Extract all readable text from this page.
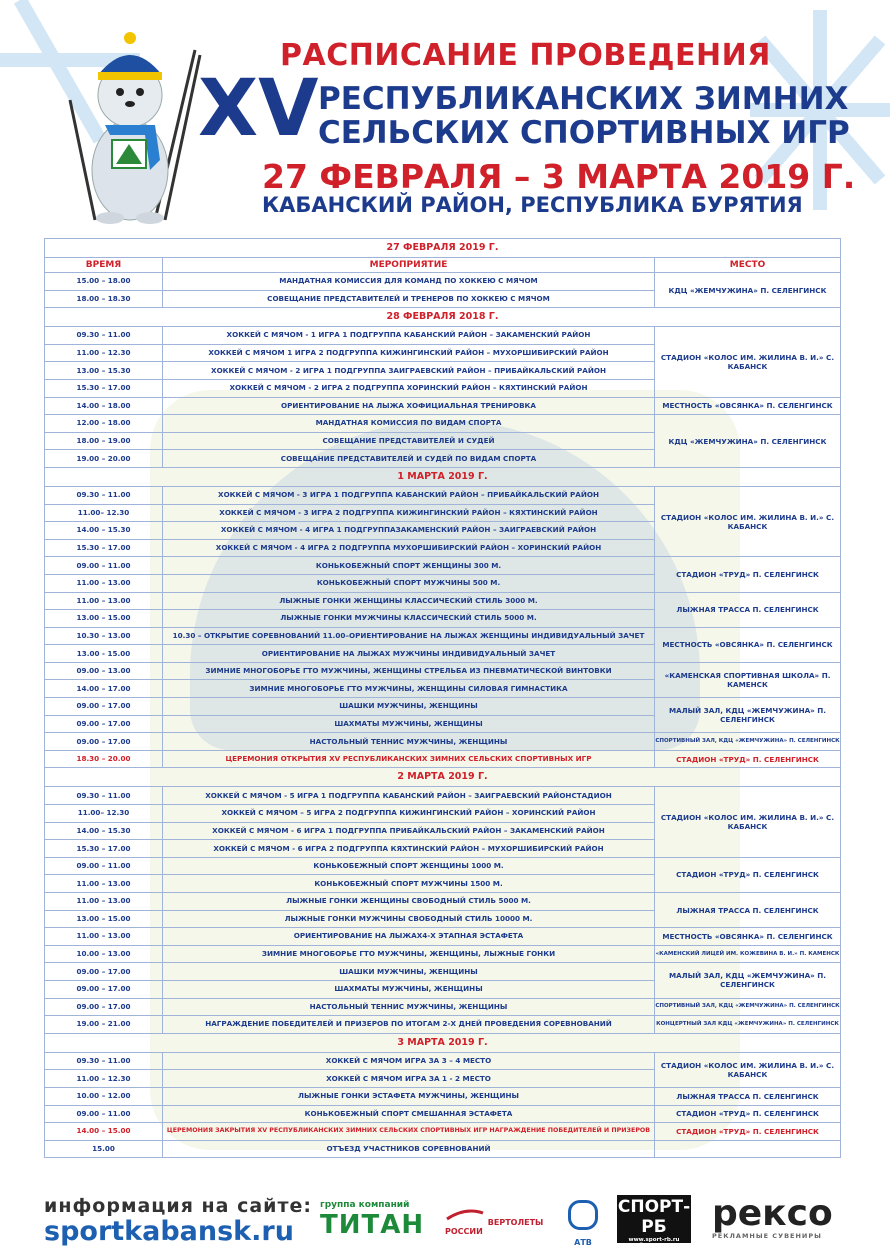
РАСПИСАНИЕ ПРОВЕДЕНИЯ
XV РЕСПУБЛИКАНСКИХ ЗИМНИХ
СЕЛЬСКИХ СПОРТИВНЫХ ИГР
27 ФЕВРАЛЯ – 3 МАРТА 2019 Г.
КАБАНСКИЙ РАЙОН, РЕСПУБЛИКА БУРЯТИЯ
27 ФЕВРАЛЯ 2019 Г.		
ВРЕМЯ	МЕРОПРИЯТИЕ	МЕСТО
15.00 – 18.00	МАНДАТНАЯ КОМИССИЯ ДЛЯ КОМАНД ПО ХОККЕЮ С МЯЧОМ	КДЦ «ЖЕМЧУЖИНА» П. СЕЛЕНГИНСК
18.00 – 18.30	СОВЕЩАНИЕ ПРЕДСТАВИТЕЛЕЙ И ТРЕНЕРОВ ПО ХОККЕЮ С МЯЧОМ	
28 ФЕВРАЛЯ 2018 Г.		
09.30 – 11.00	ХОККЕЙ С МЯЧОМ - 1 ИГРА 1 ПОДГРУППА КАБАНСКИЙ РАЙОН – ЗАКАМЕНСКИЙ РАЙОН	СТАДИОН «КОЛОС ИМ. ЖИЛИНА В. И.» С. КАБАНСК
11.00 – 12.30	ХОККЕЙ С МЯЧОМ 1 ИГРА 2 ПОДГРУППА КИЖИНГИНСКИЙ РАЙОН – МУХОРШИБИРСКИЙ РАЙОН	
13.00 – 15.30	ХОККЕЙ С МЯЧОМ - 2 ИГРА 1 ПОДГРУППА ЗАИГРАЕВСКИЙ РАЙОН – ПРИБАЙКАЛЬСКИЙ РАЙОН	
15.30 – 17.00	ХОККЕЙ С МЯЧОМ - 2 ИГРА 2 ПОДГРУППА ХОРИНСКИЙ РАЙОН – КЯХТИНСКИЙ РАЙОН	
14.00 – 18.00	ОРИЕНТИРОВАНИЕ НА ЛЫЖА ХОФИЦИАЛЬНАЯ ТРЕНИРОВКА	МЕСТНОСТЬ «ОВСЯНКА» П. СЕЛЕНГИНСК
12.00 – 18.00	МАНДАТНАЯ КОМИССИЯ ПО ВИДАМ СПОРТА	КДЦ «ЖЕМЧУЖИНА» П. СЕЛЕНГИНСК
18.00 – 19.00	СОВЕЩАНИЕ ПРЕДСТАВИТЕЛЕЙ И СУДЕЙ	
19.00 – 20.00	СОВЕЩАНИЕ ПРЕДСТАВИТЕЛЕЙ И СУДЕЙ ПО ВИДАМ СПОРТА	
1 МАРТА 2019 Г.		
09.30 – 11.00	ХОККЕЙ С МЯЧОМ - 3 ИГРА 1 ПОДГРУППА КАБАНСКИЙ РАЙОН – ПРИБАЙКАЛЬСКИЙ РАЙОН	СТАДИОН «КОЛОС ИМ. ЖИЛИНА В. И.» С. КАБАНСК
11.00– 12.30	ХОККЕЙ С МЯЧОМ - 3 ИГРА 2 ПОДГРУППА КИЖИНГИНСКИЙ РАЙОН – КЯХТИНСКИЙ РАЙОН	
14.00 – 15.30	ХОККЕЙ С МЯЧОМ - 4 ИГРА 1 ПОДГРУППАЗАКАМЕНСКИЙ РАЙОН – ЗАИГРАЕВСКИЙ РАЙОН	
15.30 – 17.00	ХОККЕЙ С МЯЧОМ - 4 ИГРА 2 ПОДГРУППА МУХОРШИБИРСКИЙ РАЙОН – ХОРИНСКИЙ РАЙОН	
09.00 – 11.00	КОНЬКОБЕЖНЫЙ СПОРТ ЖЕНЩИНЫ 300 М.	СТАДИОН «ТРУД» П. СЕЛЕНГИНСК
11.00 – 13.00	КОНЬКОБЕЖНЫЙ СПОРТ МУЖЧИНЫ 500 М.	
11.00 – 13.00	ЛЫЖНЫЕ ГОНКИ ЖЕНЩИНЫ КЛАССИЧЕСКИЙ СТИЛЬ 3000 М.	ЛЫЖНАЯ ТРАССА П. СЕЛЕНГИНСК
13.00 – 15.00	ЛЫЖНЫЕ ГОНКИ МУЖЧИНЫ КЛАССИЧЕСКИЙ СТИЛЬ 5000 М.	
10.30 – 13.00	10.30 – ОТКРЫТИЕ СОРЕВНОВАНИЙ 11.00–ОРИЕНТИРОВАНИЕ НА ЛЫЖАХ ЖЕНЩИНЫ ИНДИВИДУАЛЬНЫЙ ЗАЧЕТ	МЕСТНОСТЬ «ОВСЯНКА» П. СЕЛЕНГИНСК
13.00 - 15.00	ОРИЕНТИРОВАНИЕ НА ЛЫЖАХ МУЖЧИНЫ ИНДИВИДУАЛЬНЫЙ ЗАЧЕТ	
09.00 – 13.00	ЗИМНИЕ МНОГОБОРЬЕ ГТО МУЖЧИНЫ, ЖЕНЩИНЫ СТРЕЛЬБА ИЗ ПНЕВМАТИЧЕСКОЙ ВИНТОВКИ	«КАМЕНСКАЯ СПОРТИВНАЯ ШКОЛА» П. КАМЕНСК
14.00 – 17.00	ЗИМНИЕ МНОГОБОРЬЕ ГТО МУЖЧИНЫ, ЖЕНЩИНЫ СИЛОВАЯ ГИМНАСТИКА	
09.00 – 17.00	ШАШКИ МУЖЧИНЫ, ЖЕНЩИНЫ	МАЛЫЙ ЗАЛ, КДЦ «ЖЕМЧУЖИНА» П. СЕЛЕНГИНСК
09.00 – 17.00	ШАХМАТЫ МУЖЧИНЫ, ЖЕНЩИНЫ	
09.00 – 17.00	НАСТОЛЬНЫЙ ТЕННИС МУЖЧИНЫ, ЖЕНЩИНЫ	СПОРТИВНЫЙ ЗАЛ, КДЦ «ЖЕМЧУЖИНА» П. СЕЛЕНГИНСК
18.30 – 20.00	ЦЕРЕМОНИЯ ОТКРЫТИЯ XV РЕСПУБЛИКАНСКИХ ЗИМНИХ СЕЛЬСКИХ СПОРТИВНЫХ ИГР	СТАДИОН «ТРУД» П. СЕЛЕНГИНСК
2 МАРТА 2019 Г.		
09.30 – 11.00	ХОККЕЙ С МЯЧОМ - 5 ИГРА 1 ПОДГРУППА КАБАНСКИЙ РАЙОН – ЗАИГРАЕВСКИЙ РАЙОНСТАДИОН	СТАДИОН «КОЛОС ИМ. ЖИЛИНА В. И.» С. КАБАНСК
11.00– 12.30	ХОККЕЙ С МЯЧОМ – 5 ИГРА 2 ПОДГРУППА КИЖИНГИНСКИЙ РАЙОН – ХОРИНСКИЙ РАЙОН	
14.00 – 15.30	ХОККЕЙ С МЯЧОМ - 6 ИГРА 1 ПОДГРУППА ПРИБАЙКАЛЬСКИЙ РАЙОН – ЗАКАМЕНСКИЙ РАЙОН	
15.30 – 17.00	ХОККЕЙ С МЯЧОМ - 6 ИГРА 2 ПОДГРУППА КЯХТИНСКИЙ РАЙОН – МУХОРШИБИРСКИЙ РАЙОН	
09.00 – 11.00	КОНЬКОБЕЖНЫЙ СПОРТ ЖЕНЩИНЫ 1000 М.	СТАДИОН «ТРУД» П. СЕЛЕНГИНСК
11.00 – 13.00	КОНЬКОБЕЖНЫЙ СПОРТ МУЖЧИНЫ 1500 М.	
11.00 – 13.00	ЛЫЖНЫЕ ГОНКИ ЖЕНЩИНЫ СВОБОДНЫЙ СТИЛЬ 5000 М.	ЛЫЖНАЯ ТРАССА П. СЕЛЕНГИНСК
13.00 – 15.00	ЛЫЖНЫЕ ГОНКИ МУЖЧИНЫ СВОБОДНЫЙ СТИЛЬ 10000 М.	
11.00 – 13.00	ОРИЕНТИРОВАНИЕ НА ЛЫЖАХ4-Х ЭТАПНАЯ ЭСТАФЕТА	МЕСТНОСТЬ «ОВСЯНКА» П. СЕЛЕНГИНСК
10.00 – 13.00	ЗИМНИЕ МНОГОБОРЬЕ ГТО МУЖЧИНЫ, ЖЕНЩИНЫ, ЛЫЖНЫЕ ГОНКИ	«КАМЕНСКИЙ ЛИЦЕЙ ИМ. КОЖЕВИНА В. И.» П. КАМЕНСК
09.00 – 17.00	ШАШКИ МУЖЧИНЫ, ЖЕНЩИНЫ	МАЛЫЙ ЗАЛ, КДЦ «ЖЕМЧУЖИНА» П. СЕЛЕНГИНСК
09.00 – 17.00	ШАХМАТЫ МУЖЧИНЫ, ЖЕНЩИНЫ	
09.00 – 17.00	НАСТОЛЬНЫЙ ТЕННИС МУЖЧИНЫ, ЖЕНЩИНЫ	СПОРТИВНЫЙ ЗАЛ, КДЦ «ЖЕМЧУЖИНА» П. СЕЛЕНГИНСК
19.00 – 21.00	НАГРАЖДЕНИЕ ПОБЕДИТЕЛЕЙ И ПРИЗЕРОВ ПО ИТОГАМ 2-Х ДНЕЙ ПРОВЕДЕНИЯ СОРЕВНОВАНИЙ	КОНЦЕРТНЫЙ ЗАЛ КДЦ «ЖЕМЧУЖИНА» П. СЕЛЕНГИНСК
3 МАРТА 2019 Г.		
09.30 – 11.00	ХОККЕЙ С МЯЧОМ ИГРА ЗА 3 – 4 МЕСТО	СТАДИОН «КОЛОС ИМ. ЖИЛИНА В. И.» С. КАБАНСК
11.00 – 12.30	ХОККЕЙ С МЯЧОМ ИГРА ЗА 1 - 2 МЕСТО	
10.00 – 12.00	ЛЫЖНЫЕ ГОНКИ ЭСТАФЕТА МУЖЧИНЫ, ЖЕНЩИНЫ	ЛЫЖНАЯ ТРАССА П. СЕЛЕНГИНСК
09.00 – 11.00	КОНЬКОБЕЖНЫЙ СПОРТ СМЕШАННАЯ ЭСТАФЕТА	СТАДИОН «ТРУД» П. СЕЛЕНГИНСК
14.00 – 15.00	ЦЕРЕМОНИЯ ЗАКРЫТИЯ XV РЕСПУБЛИКАНСКИХ ЗИМНИХ СЕЛЬСКИХ СПОРТИВНЫХ ИГР НАГРАЖДЕНИЕ ПОБЕДИТЕЛЕЙ И ПРИЗЕРОВ	СТАДИОН «ТРУД» П. СЕЛЕНГИНСК
15.00	ОТЪЕЗД УЧАСТНИКОВ СОРЕВНОВАНИЙ	
информация на сайте:
sportkabansk.ru
группа компаний
ТИТАН	ВЕРТОЛЕТЫ РОССИИ
АТВ
СПОРТ-РБ
www.sport-rb.ru
ВСЁ О СПОРТЕ БУРЯТИИ
рексо
РЕКЛАМНЫЕ СУВЕНИРЫ
